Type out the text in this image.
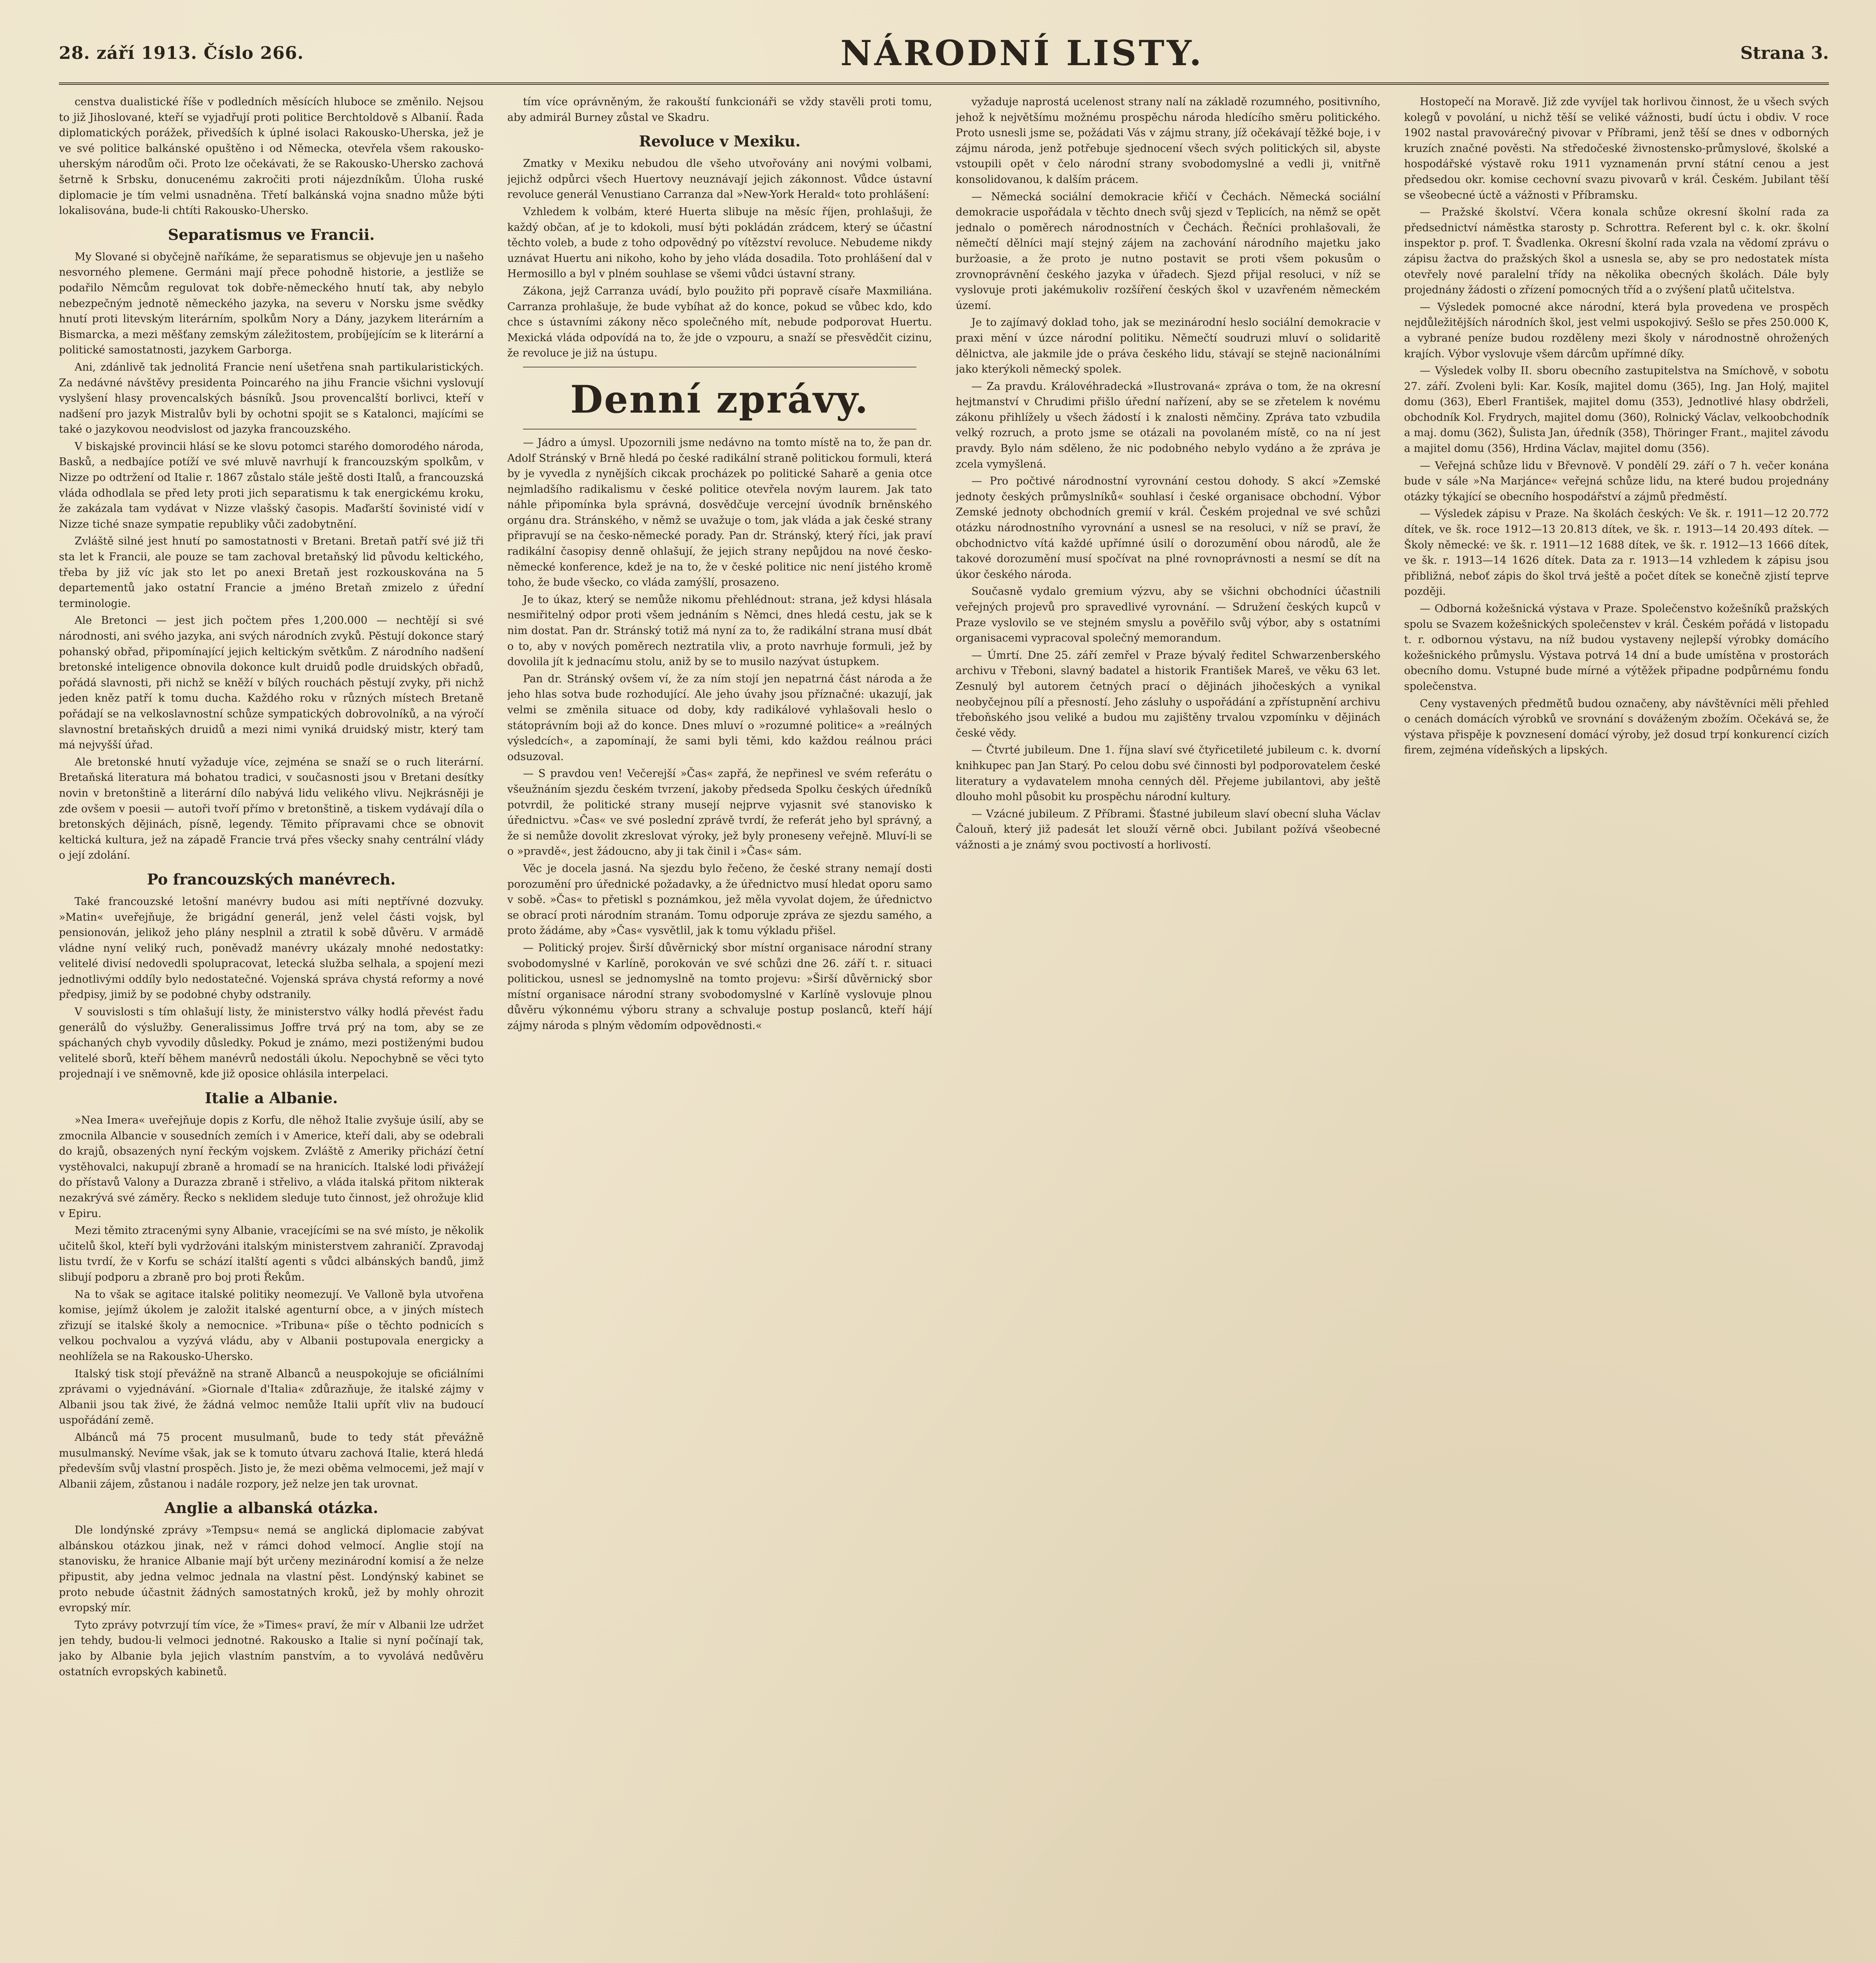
28. září 1913. Číslo 266.	NÁRODNÍ LISTY.	Strana 3.

censtva dualistické říše v podledních měsících hluboce se změnilo. Nejsou to již Jihoslované, kteří se vyjadřují proti politice Berchtoldově s Albanií. Řada diplomatických porážek, přivedších k úplné isolaci Rakousko-Uherska, jež je ve své politice balkánské opuštěno i od Německa, otevřela všem rakousko-uherským národům oči. Proto lze očekávati, že se Rakousko-Uhersko zachová šetrně k Srbsku, donucenému zakročiti proti nájezdníkům. Úloha ruské diplomacie je tím velmi usnadněna. Třetí balkánská vojna snadno může býti lokalisována, bude-li chtíti Rakousko-Uhersko.

Separatismus ve Francii.

My Slované si obyčejně naříkáme, že separatismus se objevuje jen u našeho nesvorného plemene. Germáni mají přece pohodně historie, a jestliže se podařilo Němcům regulovat tok dobře-německého hnutí tak, aby nebylo nebezpečným jednotě německého jazyka, na severu v Norsku jsme svědky hnutí proti litevským literárním, spolkům Nory a Dány, jazykem literárním a Bismarcka, a mezi měšťany zemským záležitostem, probíjejícím se k literární a politické samostatnosti, jazykem Garborga.

Ani, zdánlivě tak jednolitá Francie není ušetřena snah partikularistických. Za nedávné návštěvy presidenta Poincarého na jihu Francie všichni vyslovují vyslyšení hlasy provencalských básníků. Jsou provencalští borlivci, kteří v nadšení pro jazyk Mistralův byli by ochotni spojit se s Katalonci, majícími se také o jazykovou neodvislost od jazyka francouzského.

V biskajské provincii hlásí se ke slovu potomci starého domorodého národa, Basků, a nedbajíce potíží ve své mluvě navrhují k francouzským spolkům, v Nizze po odtržení od Italie r. 1867 zůstalo stále ještě dosti Italů, a francouzská vláda odhodlala se před lety proti jich separatismu k tak energickému kroku, že zakázala tam vydávat v Nizze vlašský časopis. Maďarští šovinisté vidí v Nizze tiché snaze sympatie republiky vůči zadobytnění.

Zvláště silné jest hnutí po samostatnosti v Bretani. Bretaň patří své již tři sta let k Francii, ale pouze se tam zachoval bretaňský lid původu keltického, třeba by již víc jak sto let po anexi Bretaň jest rozkouskována na 5 departementů jako ostatní Francie a jméno Bretaň zmizelo z úřední terminologie.

Ale Bretonci — jest jich počtem přes 1,200.000 — nechtějí si své národnosti, ani svého jazyka, ani svých národních zvyků. Pěstují dokonce starý pohanský obřad, připomínající jejich keltickým světkům. Z národního nadšení bretonské inteligence obnovila dokonce kult druidů podle druidských obřadů, pořádá slavnosti, při nichž se kněží v bílých rouchách pěstují zvyky, při nichž jeden kněz patří k tomu ducha. Každého roku v různých místech Bretaně pořádají se na velkoslavnostní schůze sympatických dobrovolníků, a na výročí slavnostní bretaňských druidů a mezi nimi vyniká druidský mistr, který tam má nejvyšší úřad.

Ale bretonské hnutí vyžaduje více, zejména se snaží se o ruch literární. Bretaňská literatura má bohatou tradici, v současnosti jsou v Bretani desítky novin v bretonštině a literární dílo nabývá lidu velikého vlivu. Nejkrásněji je zde ovšem v poesii — autoři tvoří přímo v bretonštině, a tiskem vydávají díla o bretonských dějinách, písně, legendy. Těmito přípravami chce se obnovit keltická kultura, jež na západě Francie trvá přes všecky snahy centrální vlády o její zdolání.

Po francouzských manévrech.

Také francouzské letošní manévry budou asi míti neptřívné dozvuky. »Matin« uveřejňuje, že brigádní generál, jenž velel části vojsk, byl pensionován, jelikož jeho plány nesplnil a ztratil k sobě důvěru. V armádě vládne nyní veliký ruch, poněvadž manévry ukázaly mnohé nedostatky: velitelé divisí nedovedli spolupracovat, letecká služba selhala, a spojení mezi jednotlivými oddíly bylo nedostatečné. Vojenská správa chystá reformy a nové předpisy, jimiž by se podobné chyby odstranily.

V souvislosti s tím ohlašují listy, že ministerstvo války hodlá převést řadu generálů do výslužby. Generalissimus Joffre trvá prý na tom, aby se ze spáchaných chyb vyvodily důsledky. Pokud je známo, mezi postiženými budou velitelé sborů, kteří během manévrů nedostáli úkolu. Nepochybně se věci tyto projednají i ve sněmovně, kde již oposice ohlásila interpelaci.

Italie a Albanie.

»Nea Imera« uveřejňuje dopis z Korfu, dle něhož Italie zvyšuje úsilí, aby se zmocnila Albancie v sousedních zemích i v Americe, kteří dali, aby se odebrali do krajů, obsazených nyní řeckým vojskem. Zvláště z Ameriky přichází četní vystěhovalci, nakupují zbraně a hromadí se na hranicích. Italské lodi přivážejí do přístavů Valony a Durazza zbraně i střelivo, a vláda italská přitom nikterak nezakrývá své záměry. Řecko s neklidem sleduje tuto činnost, jež ohrožuje klid v Epiru.

Mezi těmito ztracenými syny Albanie, vracejícími se na své místo, je několik učitelů škol, kteří byli vydržováni italským ministerstvem zahraničí. Zpravodaj listu tvrdí, že v Korfu se schází italští agenti s vůdci albánských bandů, jimž slibují podporu a zbraně pro boj proti Řekům.

Na to však se agitace italské politiky neomezují. Ve Valloně byla utvořena komise, jejímž úkolem je založit italské agenturní obce, a v jiných místech zřizují se italské školy a nemocnice. »Tribuna« píše o těchto podnicích s velkou pochvalou a vyzývá vládu, aby v Albanii postupovala energicky a neohlížela se na Rakousko-Uhersko.

Italský tisk stojí převážně na straně Albanců a neuspokojuje se oficiálními zprávami o vyjednávání. »Giornale d'Italia« zdůrazňuje, že italské zájmy v Albanii jsou tak živé, že žádná velmoc nemůže Italii upřít vliv na budoucí uspořádání země.

Albánců má 75 procent musulmanů, bude to tedy stát převážně musulmanský. Nevíme však, jak se k tomuto útvaru zachová Italie, která hledá především svůj vlastní prospěch. Jisto je, že mezi oběma velmocemi, jež mají v Albanii zájem, zůstanou i nadále rozpory, jež nelze jen tak urovnat.

Anglie a albanská otázka.

Dle londýnské zprávy »Tempsu« nemá se anglická diplomacie zabývat albánskou otázkou jinak, než v rámci dohod velmocí. Anglie stojí na stanovisku, že hranice Albanie mají být určeny mezinárodní komisí a že nelze připustit, aby jedna velmoc jednala na vlastní pěst. Londýnský kabinet se proto nebude účastnit žádných samostatných kroků, jež by mohly ohrozit evropský mír.

Tyto zprávy potvrzují tím více, že »Times« praví, že mír v Albanii lze udržet jen tehdy, budou-li velmoci jednotné. Rakousko a Italie si nyní počínají tak, jako by Albanie byla jejich vlastním panstvím, a to vyvolává nedůvěru ostatních evropských kabinetů.

tím více oprávněným, že rakouští funkcionáři se vždy stavěli proti tomu, aby admirál Burney zůstal ve Skadru.

Revoluce v Mexiku.

Zmatky v Mexiku nebudou dle všeho utvořovány ani novými volbami, jejichž odpůrci všech Huertovy neuznávají jejich zákonnost. Vůdce ústavní revoluce generál Venustiano Carranza dal »New-York Herald« toto prohlášení:

Vzhledem k volbám, které Huerta slibuje na měsíc říjen, prohlašuji, že každý občan, ať je to kdokoli, musí býti pokládán zrádcem, který se účastní těchto voleb, a bude z toho odpovědný po vítězství revoluce. Nebudeme nikdy uznávat Huertu ani nikoho, koho by jeho vláda dosadila. Toto prohlášení dal v Hermosillo a byl v plném souhlase se všemi vůdci ústavní strany.

Zákona, jejž Carranza uvádí, bylo použito při popravě císaře Maxmiliána. Carranza prohlašuje, že bude vybíhat až do konce, pokud se vůbec kdo, kdo chce s ústavními zákony něco společného mít, nebude podporovat Huertu. Mexická vláda odpovídá na to, že jde o vzpouru, a snaží se přesvědčit cizinu, že revoluce je již na ústupu.

Denní zprávy.

— Jádro a úmysl. Upozornili jsme nedávno na tomto místě na to, že pan dr. Adolf Stránský v Brně hledá po české radikální straně politickou formuli, která by je vyvedla z nynějších cikcak procházek po politické Saharě a genia otce nejmladšího radikalismu v české politice otevřela novým laurem. Jak tato náhle připomínka byla správná, dosvědčuje vercejní úvodník brněnského orgánu dra. Stránského, v němž se uvažuje o tom, jak vláda a jak české strany připravují se na česko-německé porady. Pan dr. Stránský, který říci, jak praví radikální časopisy denně ohlašují, že jejich strany nepůjdou na nové česko-německé konference, kdež je na to, že v české politice nic není jistého kromě toho, že bude všecko, co vláda zamýšlí, prosazeno.

Je to úkaz, který se nemůže nikomu přehlédnout: strana, jež kdysi hlásala nesmiřitelný odpor proti všem jednáním s Němci, dnes hledá cestu, jak se k nim dostat. Pan dr. Stránský totiž má nyní za to, že radikální strana musí dbát o to, aby v nových poměrech neztratila vliv, a proto navrhuje formuli, jež by dovolila jít k jednacímu stolu, aniž by se to musilo nazývat ústupkem.

Pan dr. Stránský ovšem ví, že za ním stojí jen nepatrná část národa a že jeho hlas sotva bude rozhodující. Ale jeho úvahy jsou příznačné: ukazují, jak velmi se změnila situace od doby, kdy radikálové vyhlašovali heslo o státoprávním boji až do konce. Dnes mluví o »rozumné politice« a »reálných výsledcích«, a zapomínají, že sami byli těmi, kdo každou reálnou práci odsuzoval.

— S pravdou ven! Večerejší »Čas« zapřá, že nepřinesl ve svém referátu o všeužnáním sjezdu českém tvrzení, jakoby předseda Spolku českých úředníků potvrdil, že politické strany musejí nejprve vyjasnit své stanovisko k úřednictvu. »Čas« ve své poslední zprávě tvrdí, že referát jeho byl správný, a že si nemůže dovolit zkreslovat výroky, jež byly proneseny veřejně. Mluví-li se o »pravdě«, jest žádoucno, aby ji tak činil i »Čas« sám.

Věc je docela jasná. Na sjezdu bylo řečeno, že české strany nemají dosti porozumění pro úřednické požadavky, a že úřednictvo musí hledat oporu samo v sobě. »Čas« to přetiskl s poznámkou, jež měla vyvolat dojem, že úřednictvo se obrací proti národním stranám. Tomu odporuje zpráva ze sjezdu samého, a proto žádáme, aby »Čas« vysvětlil, jak k tomu výkladu přišel.

— Politický projev. Širší důvěrnický sbor místní organisace národní strany svobodomyslné v Karlíně, porokován ve své schůzi dne 26. září t. r. situaci politickou, usnesl se jednomyslně na tomto projevu: »Širší důvěrnický sbor místní organisace národní strany svobodomyslné v Karlíně vyslovuje plnou důvěru výkonnému výboru strany a schvaluje postup poslanců, kteří hájí zájmy národa s plným vědomím odpovědnosti.«

vyžaduje naprostá ucelenost strany nalí na základě rozumného, positivního, jehož k největšímu možnému prospěchu národa hledícího směru politického. Proto usnesli jsme se, požádati Vás v zájmu strany, jíž očekávají těžké boje, i v zájmu národa, jenž potřebuje sjednocení všech svých politických sil, abyste vstoupili opět v čelo národní strany svobodomyslné a vedli ji, vnitřně konsolidovanou, k dalším prácem.

— Německá sociální demokracie křičí v Čechách. Německá sociální demokracie uspořádala v těchto dnech svůj sjezd v Teplicích, na němž se opět jednalo o poměrech národnostních v Čechách. Řečníci prohlašovali, že němečtí dělníci mají stejný zájem na zachování národního majetku jako buržoasie, a že proto je nutno postavit se proti všem pokusům o zrovnoprávnění českého jazyka v úřadech. Sjezd přijal resoluci, v níž se vyslovuje proti jakémukoliv rozšíření českých škol v uzavřeném německém území.

Je to zajímavý doklad toho, jak se mezinárodní heslo sociální demokracie v praxi mění v úzce národní politiku. Němečtí soudruzi mluví o solidaritě dělnictva, ale jakmile jde o práva českého lidu, stávají se stejně nacionálními jako kterýkoli německý spolek.

— Za pravdu. Královéhradecká »Ilustrovaná« zpráva o tom, že na okresní hejtmanství v Chrudimi přišlo úřední nařízení, aby se se zřetelem k novému zákonu přihlížely u všech žádostí i k znalosti němčiny. Zpráva tato vzbudila velký rozruch, a proto jsme se otázali na povolaném místě, co na ní jest pravdy. Bylo nám sděleno, že nic podobného nebylo vydáno a že zpráva je zcela vymyšlená.

— Pro počtivé národnostní vyrovnání cestou dohody. S akcí »Zemské jednoty českých průmyslníků« souhlasí i české organisace obchodní. Výbor Zemské jednoty obchodních gremií v král. Českém projednal ve své schůzi otázku národnostního vyrovnání a usnesl se na resoluci, v níž se praví, že obchodnictvo vítá každé upřímné úsilí o dorozumění obou národů, ale že takové dorozumění musí spočívat na plné rovnoprávnosti a nesmí se dít na úkor českého národa.

Současně vydalo gremium výzvu, aby se všichni obchodníci účastnili veřejných projevů pro spravedlivé vyrovnání. — Sdružení českých kupců v Praze vyslovilo se ve stejném smyslu a pověřilo svůj výbor, aby s ostatními organisacemi vypracoval společný memorandum.

— Úmrtí. Dne 25. září zemřel v Praze bývalý ředitel Schwarzenberského archivu v Třeboni, slavný badatel a historik František Mareš, ve věku 63 let. Zesnulý byl autorem četných prací o dějinách jihočeských a vynikal neobyčejnou pílí a přesností. Jeho zásluhy o uspořádání a zpřístupnění archivu třeboňského jsou veliké a budou mu zajištěny trvalou vzpomínku v dějinách české vědy.

— Čtvrté jubileum. Dne 1. října slaví své čtyřicetileté jubileum c. k. dvorní knihkupec pan Jan Starý. Po celou dobu své činnosti byl podporovatelem české literatury a vydavatelem mnoha cenných děl. Přejeme jubilantovi, aby ještě dlouho mohl působit ku prospěchu národní kultury.

— Vzácné jubileum. Z Příbrami. Šťastné jubileum slaví obecní sluha Václav Čalouň, který již padesát let slouží věrně obci. Jubilant požívá všeobecné vážnosti a je známý svou poctivostí a horlivostí.

Hostopečí na Moravě. Již zde vyvíjel tak horlivou činnost, že u všech svých kolegů v povolání, u nichž těší se veliké vážnosti, budí úctu i obdiv. V roce 1902 nastal pravovárečný pivovar v Příbrami, jenž těší se dnes v odborných kruzích značné pověsti. Na středočeské živnostensko-průmyslové, školské a hospodářské výstavě roku 1911 vyznamenán první státní cenou a jest předsedou okr. komise cechovní svazu pivovarů v král. Českém. Jubilant těší se všeobecné úctě a vážnosti v Příbramsku.

— Pražské školství. Včera konala schůze okresní školní rada za předsednictví náměstka starosty p. Schrottra. Referent byl c. k. okr. školní inspektor p. prof. T. Švadlenka. Okresní školní rada vzala na vědomí zprávu o zápisu žactva do pražských škol a usnesla se, aby se pro nedostatek místa otevřely nové paralelní třídy na několika obecných školách. Dále byly projednány žádosti o zřízení pomocných tříd a o zvýšení platů učitelstva.

— Výsledek pomocné akce národní, která byla provedena ve prospěch nejdůležitějších národních škol, jest velmi uspokojivý. Sešlo se přes 250.000 K, a vybrané peníze budou rozděleny mezi školy v národnostně ohrožených krajích. Výbor vyslovuje všem dárcům upřímné díky.

— Výsledek volby II. sboru obecního zastupitelstva na Smíchově, v sobotu 27. září. Zvoleni byli: Kar. Kosík, majitel domu (365), Ing. Jan Holý, majitel domu (363), Eberl František, majitel domu (353), Jednotlivé hlasy obdrželi, obchodník Kol. Frydrych, majitel domu (360), Rolnický Václav, velkoobchodník a maj. domu (362), Šulista Jan, úředník (358), Thöringer Frant., majitel závodu a majitel domu (356), Hrdina Václav, majitel domu (356).

— Veřejná schůze lidu v Břevnově. V pondělí 29. září o 7 h. večer konána bude v sále »Na Marjánce« veřejná schůze lidu, na které budou projednány otázky týkající se obecního hospodářství a zájmů předměstí.

— Výsledek zápisu v Praze. Na školách českých: Ve šk. r. 1911—12 20.772 dítek, ve šk. roce 1912—13 20.813 dítek, ve šk. r. 1913—14 20.493 dítek. — Školy německé: ve šk. r. 1911—12 1688 dítek, ve šk. r. 1912—13 1666 dítek, ve šk. r. 1913—14 1626 dítek. Data za r. 1913—14 vzhledem k zápisu jsou přibližná, neboť zápis do škol trvá ještě a počet dítek se konečně zjistí teprve později.

— Odborná kožešnická výstava v Praze. Společenstvo kožešníků pražských spolu se Svazem kožešnických společenstev v král. Českém pořádá v listopadu t. r. odbornou výstavu, na níž budou vystaveny nejlepší výrobky domácího kožešnického průmyslu. Výstava potrvá 14 dní a bude umístěna v prostorách obecního domu. Vstupné bude mírné a výtěžek připadne podpůrnému fondu společenstva.

Ceny vystavených předmětů budou označeny, aby návštěvníci měli přehled o cenách domácích výrobků ve srovnání s dováženým zbožím. Očekává se, že výstava přispěje k povznesení domácí výroby, jež dosud trpí konkurencí cizích firem, zejména vídeňských a lipských.
